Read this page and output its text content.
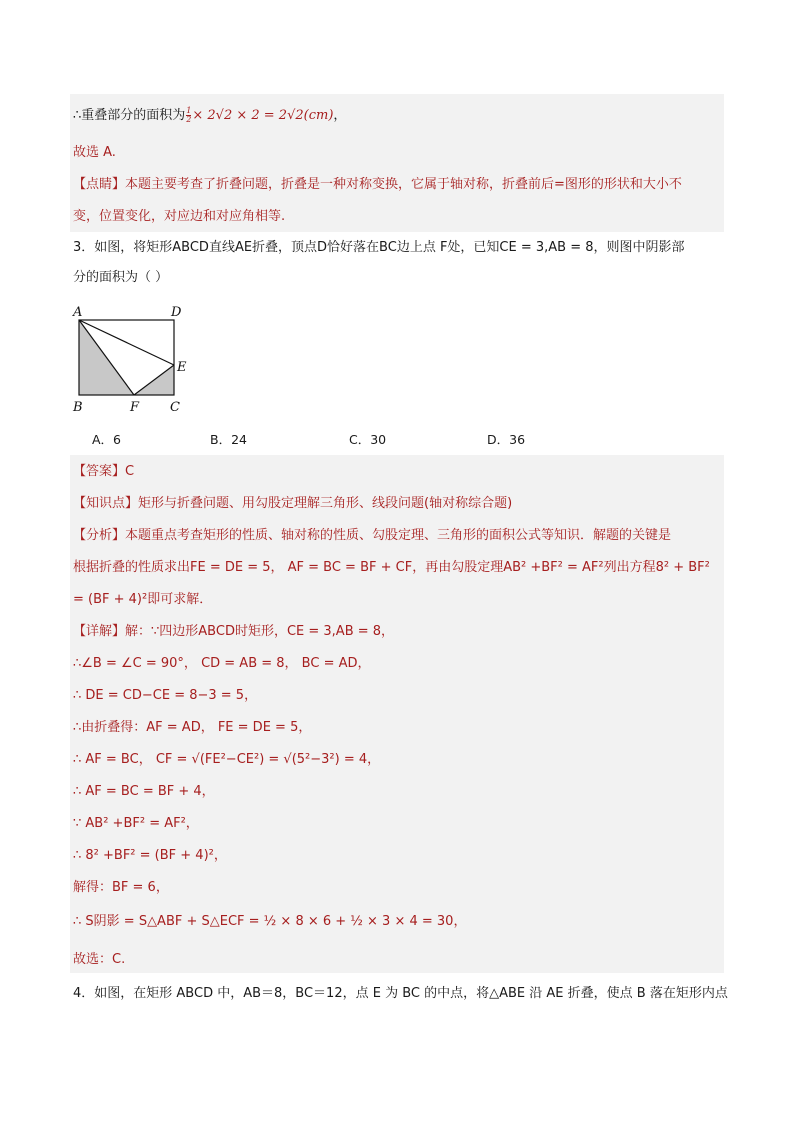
∴重叠部分的面积为 $\frac{1}{2} \times 2√2 \times 2 = 2√2(cm)$，
故选 A.
【点睛】本题主要考查了折叠问题，折叠是一种对称变换，它属于轴对称，折叠前后=图形的形状和大小不
变，位置变化，对应边和对应角相等.
3．如图，将矩形ABCD直线AE折叠，顶点D恰好落在BC边上点 F处，已知CE = 3,AB = 8，则图中阴影部
分的面积为（ ）
A	D
E
B	F C
A．6	B．24	C．30	D．36
【答案】C
【知识点】矩形与折叠问题、用勾股定理解三角形、线段问题(轴对称综合题)
【分析】本题重点考查矩形的性质、轴对称的性质、勾股定理、三角形的面积公式等知识．解题的关键是
根据折叠的性质求出FE = DE = 5， AF = BC = BF + CF，再由勾股定理AB² +BF² = AF²列出方程8² + BF²
= (BF + 4)²即可求解．
【详解】解：∵四边形ABCD时矩形，CE = 3,AB = 8，
∴∠B = ∠C = 90°， CD = AB = 8， BC = AD，
∴ DE = CD−CE = 8−3 = 5，
∴由折叠得：AF = AD， FE = DE = 5，
∴ AF = BC， CF = √(FE²−CE²) = √(5²−3²) = 4，
∴ AF = BC = BF + 4，
∵ AB² +BF² = AF²，
∴ 8² +BF² = (BF + 4)²，
解得：BF = 6，
∴ S阴影 = S△ABF + S△ECF = ½ × 8 × 6 + ½ × 3 × 4 = 30，
故选：C.
4．如图，在矩形 ABCD 中，AB＝8，BC＝12，点 E 为 BC 的中点，将△ABE 沿 AE 折叠，使点 B 落在矩形内点
